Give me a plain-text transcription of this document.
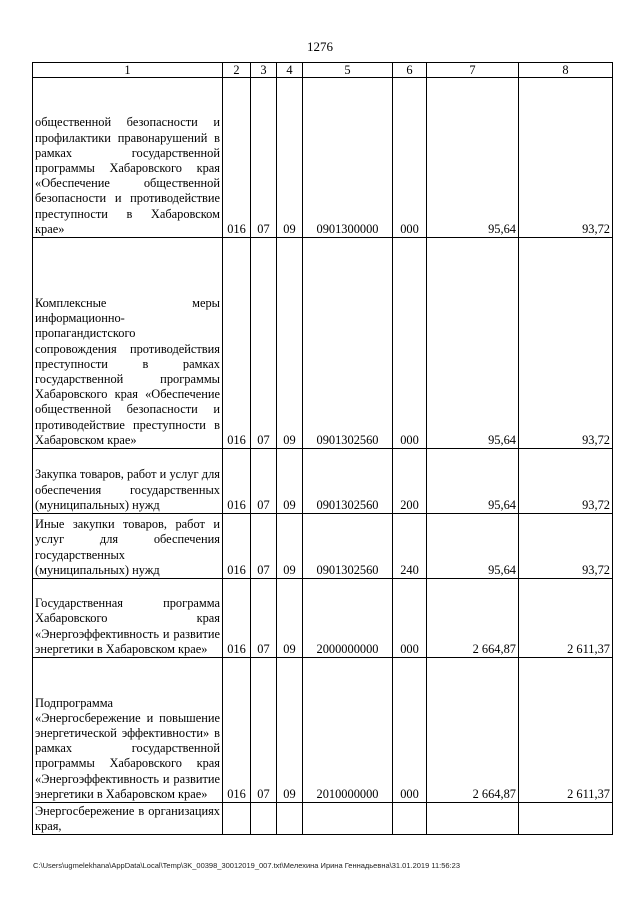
1276
1	2	3	4	5	6	7	8
общественной безопасности и профилактики правонарушений в рамках государственной программы Хабаровского края «Обеспечение общественной безопасности и противодействие преступности в Хабаровском крае»	016	07	09	0901300000	000	95,64	93,72
Комплексные меры информационно-пропагандистского сопровождения противодействия преступности в рамках государственной программы Хабаровского края «Обеспечение общественной безопасности и противодействие преступности в Хабаровском крае»	016	07	09	0901302560	000	95,64	93,72
Закупка товаров, работ и услуг для обеспечения государственных (муниципальных) нужд	016	07	09	0901302560	200	95,64	93,72
Иные закупки товаров, работ и услуг для обеспечения государственных (муниципальных) нужд	016	07	09	0901302560	240	95,64	93,72
Государственная программа Хабаровского края «Энергоэффективность и развитие энергетики в Хабаровском крае»	016	07	09	2000000000	000	2 664,87	2 611,37
Подпрограмма «Энергосбережение и повышение энергетической эффективности» в рамках государственной программы Хабаровского края «Энергоэффективность и развитие энергетики в Хабаровском крае»	016	07	09	2010000000	000	2 664,87	2 611,37
Энергосбережение в организациях края,							
C:\Users\ugmelekhana\AppData\Local\Temp\3K_00398_30012019_007.txt\Мелехина Ирина Геннадьевна\31.01.2019 11:56:23
